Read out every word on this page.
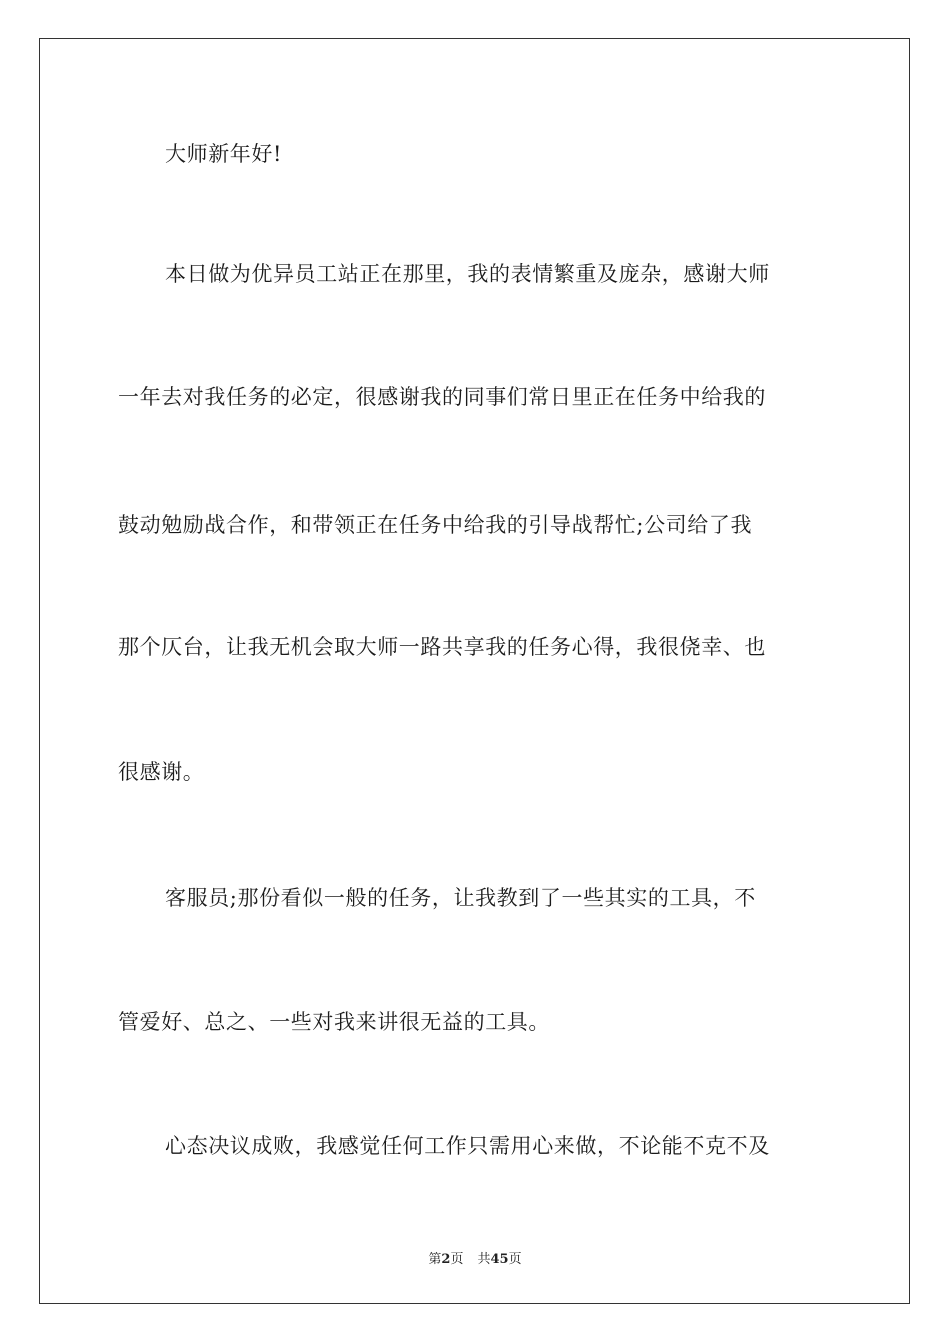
大师新年好!
本日做为优异员工站正在那里，我的表情繁重及庞杂，感谢大师
一年去对我任务的必定，很感谢我的同事们常日里正在任务中给我的
鼓动勉励战合作，和带领正在任务中给我的引导战帮忙;公司给了我
那个仄台，让我无机会取大师一路共享我的任务心得，我很侥幸、也
很感谢。
客服员;那份看似一般的任务，让我教到了一些其实的工具，不
管爱好、总之、一些对我来讲很无益的工具。
心态决议成败，我感觉任何工作只需用心来做，不论能不克不及
第2页 共45页
